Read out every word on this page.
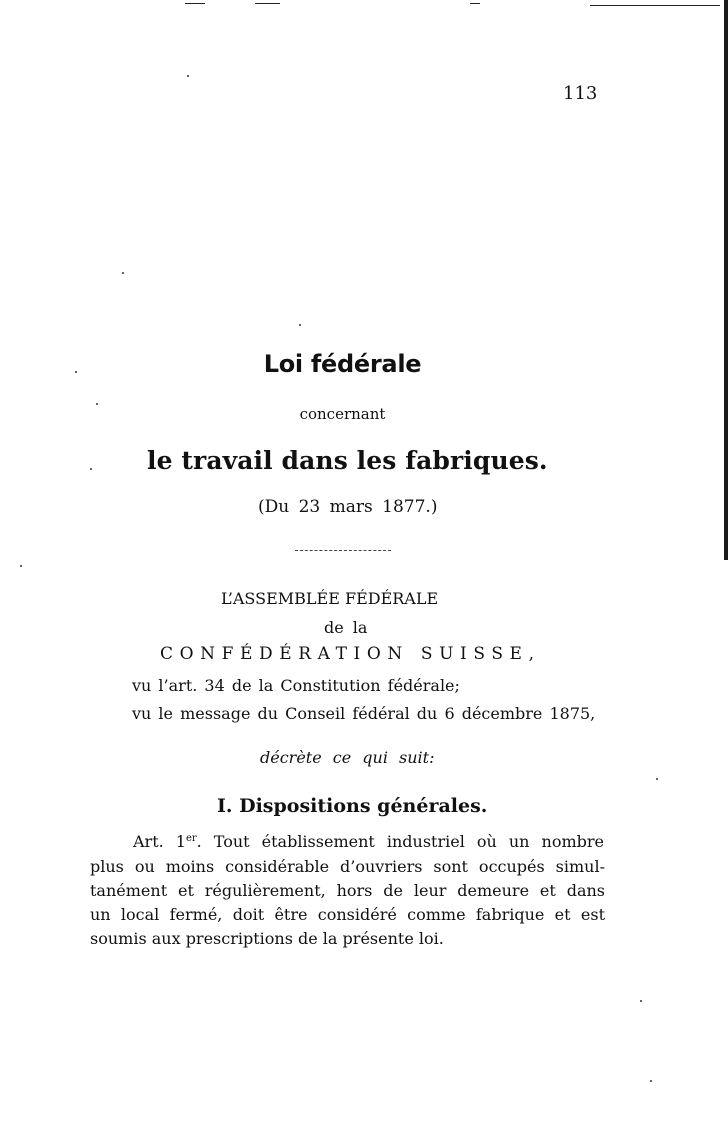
113
Loi fédérale
concernant
le travail dans les fabriques.
(Du 23 mars 1877.)
L’ASSEMBLÉE FÉDÉRALE
de la
CONFÉDÉRATION SUISSE,
vu l’art. 34 de la Constitution fédérale;
vu le message du Conseil fédéral du 6 décembre 1875,
décrète ce qui suit:
I. Dispositions générales.
Art. 1er. Tout établissement industriel où un nombre
plus ou moins considérable d’ouvriers sont occupés simul-
tanément et régulièrement, hors de leur demeure et dans
un local fermé, doit être considéré comme fabrique et est
soumis aux prescriptions de la présente loi.
